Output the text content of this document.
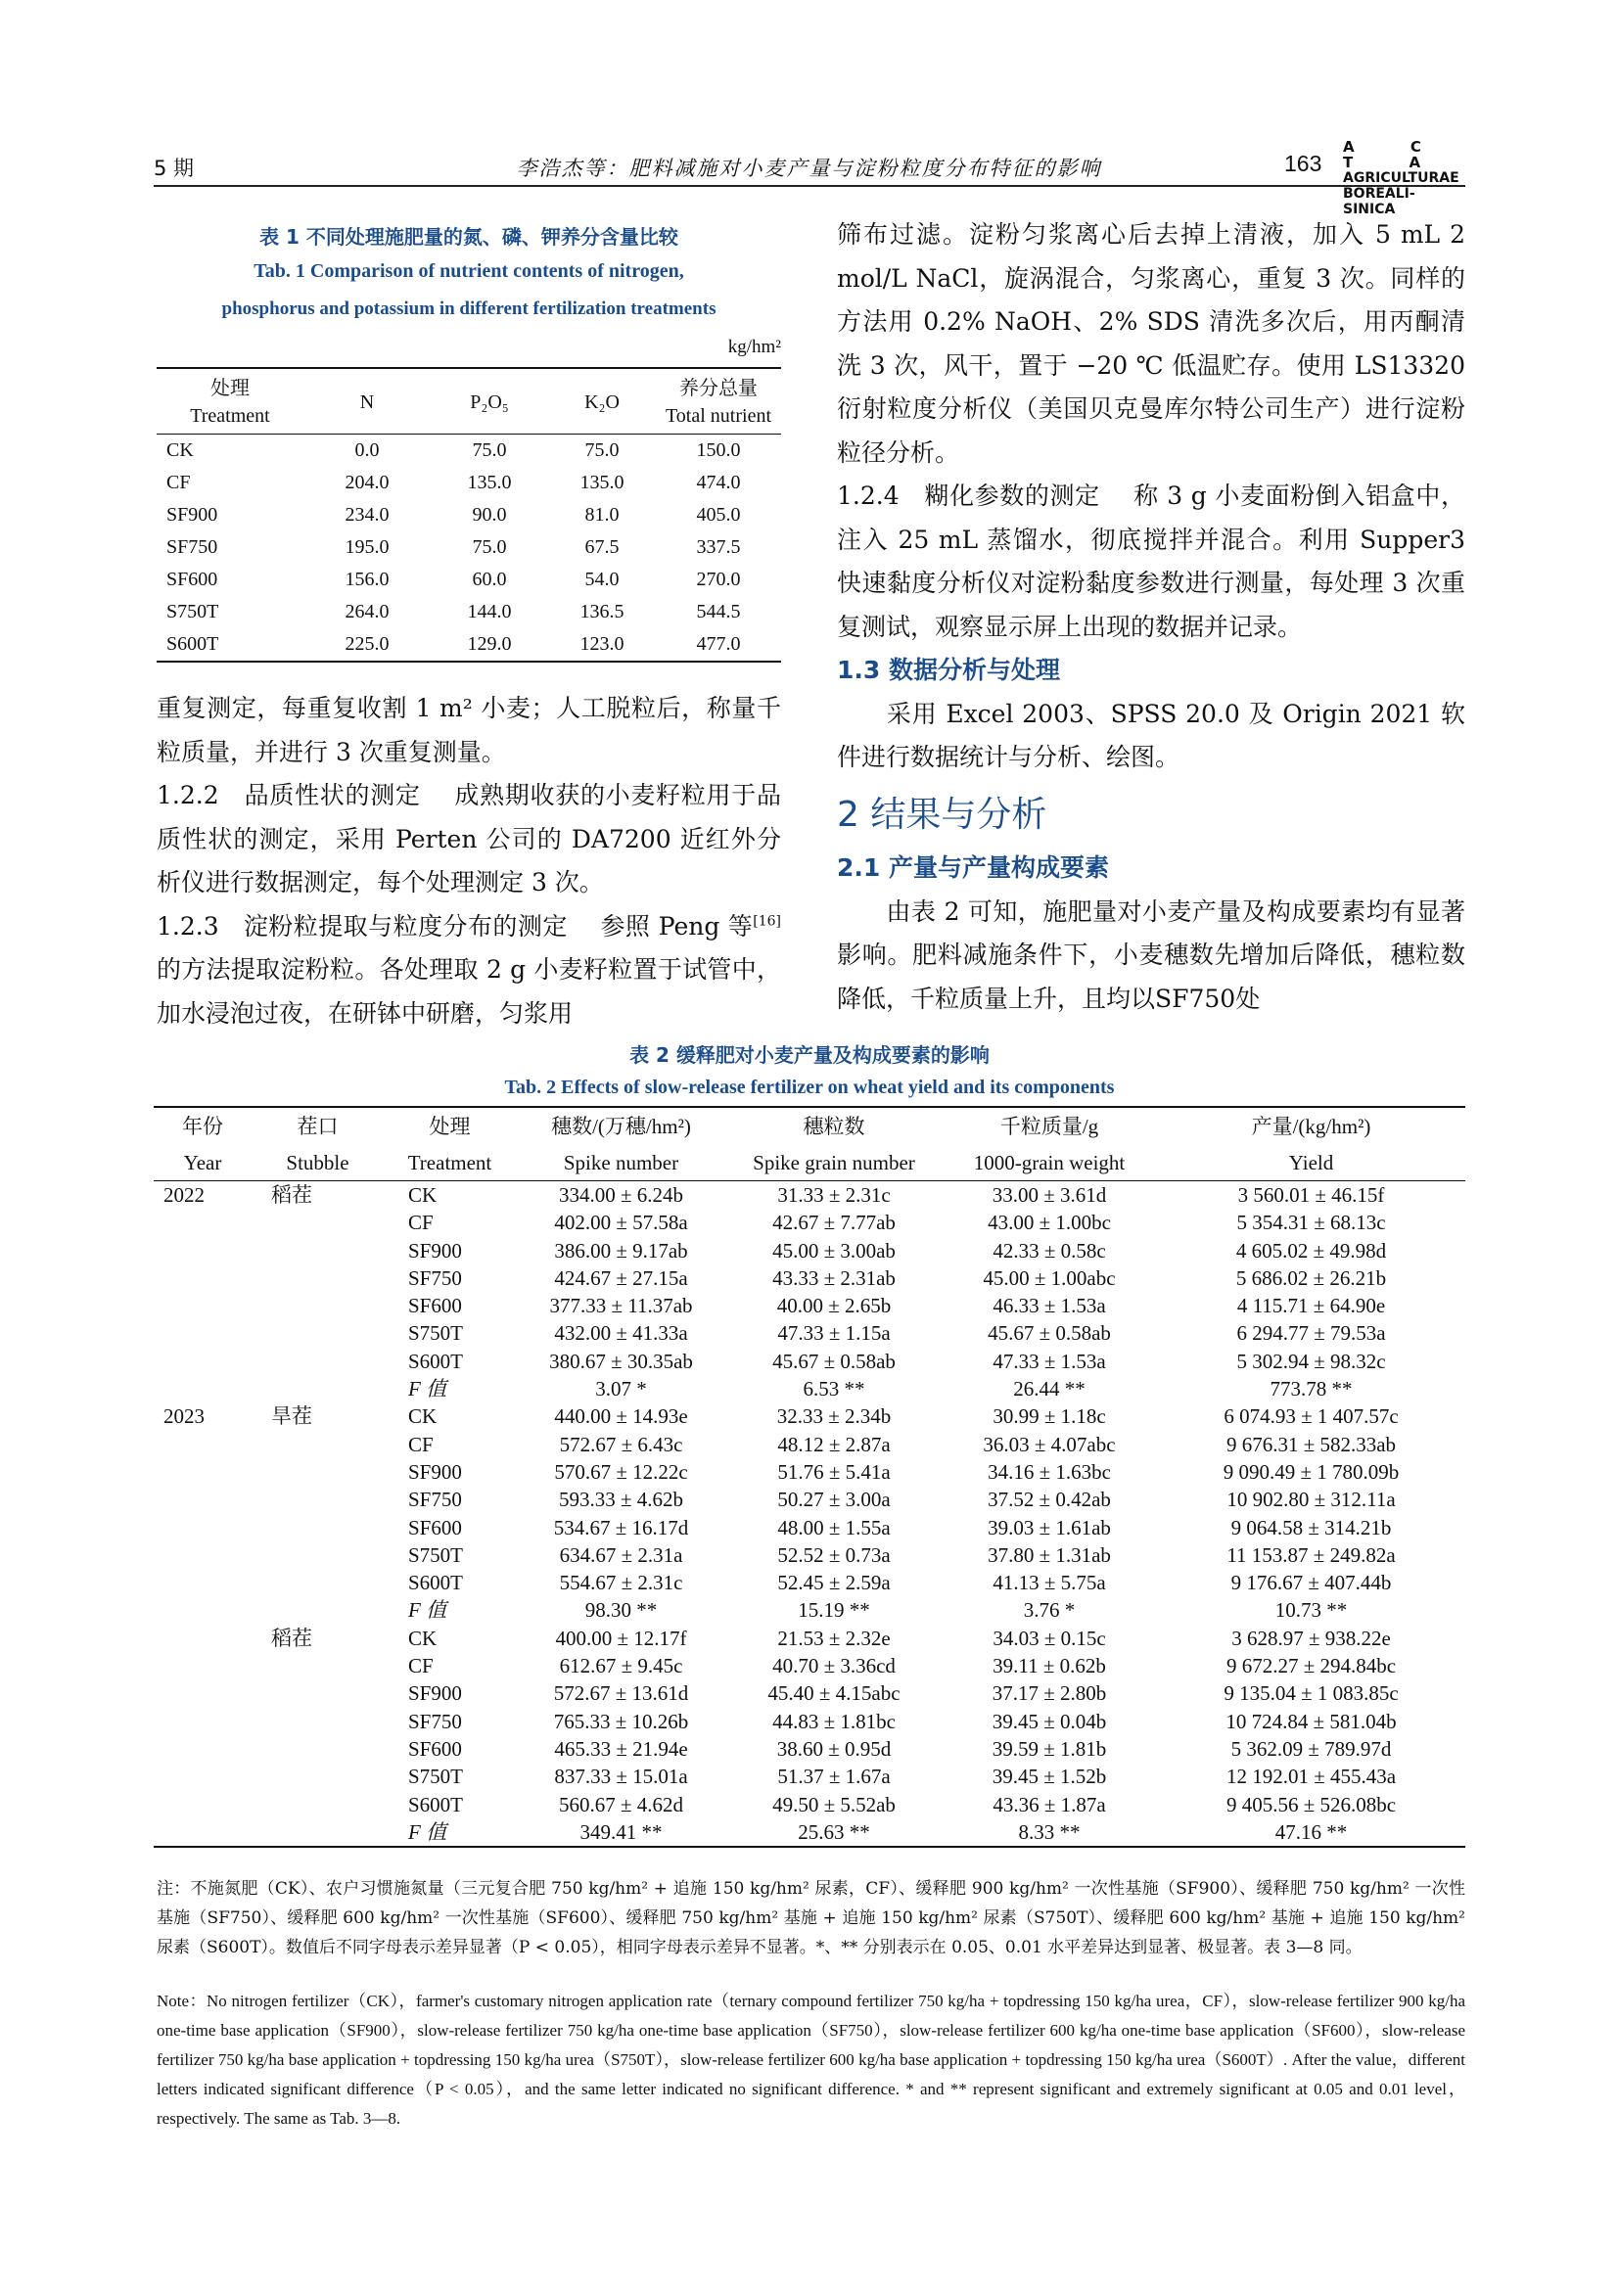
5 期	李浩杰等：肥料减施对小麦产量与淀粉粒度分布特征的影响	163
A C T A
AGRICULTURAE
BOREALI-SINICA
表 1 不同处理施肥量的氮、磷、钾养分含量比较
Tab. 1 Comparison of nutrient contents of nitrogen,
phosphorus and potassium in different fertilization treatments
kg/hm²
处理
Treatment	N	P₂O₅	K₂O	养分总量
Total nutrient
CK	0.0	75.0	75.0	150.0
CF	204.0	135.0	135.0	474.0
SF900	234.0	90.0	81.0	405.0
SF750	195.0	75.0	67.5	337.5
SF600	156.0	60.0	54.0	270.0
S750T	264.0	144.0	136.5	544.5
S600T	225.0	129.0	123.0	477.0
重复测定，每重复收割 1 m² 小麦；人工脱粒后，称量千粒质量，并进行 3 次重复测量。
1.2.2 品质性状的测定 成熟期收获的小麦籽粒用于品质性状的测定，采用 Perten 公司的 DA7200 近红外分析仪进行数据测定，每个处理测定 3 次。
1.2.3 淀粉粒提取与粒度分布的测定 参照 Peng 等[16]的方法提取淀粉粒。各处理取 2 g 小麦籽粒置于试管中，加水浸泡过夜，在研钵中研磨，匀浆用
筛布过滤。淀粉匀浆离心后去掉上清液，加入 5 mL 2 mol/L NaCl，旋涡混合，匀浆离心，重复 3 次。同样的方法用 0.2% NaOH、2% SDS 清洗多次后，用丙酮清洗 3 次，风干，置于 −20 ℃ 低温贮存。使用 LS13320 衍射粒度分析仪（美国贝克曼库尔特公司生产）进行淀粉粒径分析。
1.2.4 糊化参数的测定 称 3 g 小麦面粉倒入铝盒中，注入 25 mL 蒸馏水，彻底搅拌并混合。利用 Supper3 快速黏度分析仪对淀粉黏度参数进行测量，每处理 3 次重复测试，观察显示屏上出现的数据并记录。
1.3 数据分析与处理
采用 Excel 2003、SPSS 20.0 及 Origin 2021 软件进行数据统计与分析、绘图。
2 结果与分析
2.1 产量与产量构成要素
由表 2 可知，施肥量对小麦产量及构成要素均有显著影响。肥料减施条件下，小麦穗数先增加后降低，穗粒数降低，千粒质量上升，且均以SF750处
表 2 缓释肥对小麦产量及构成要素的影响
Tab. 2 Effects of slow-release fertilizer on wheat yield and its components
年份	茬口	处理	穗数/(万穗/hm²)	穗粒数	千粒质量/g	产量/(kg/hm²)
Year	Stubble	Treatment	Spike number	Spike grain number	1000-grain weight	Yield
2022	稻茬	CK	334.00 ± 6.24b	31.33 ± 2.31c	33.00 ± 3.61d	3 560.01 ± 46.15f
		CF	402.00 ± 57.58a	42.67 ± 7.77ab	43.00 ± 1.00bc	5 354.31 ± 68.13c
		SF900	386.00 ± 9.17ab	45.00 ± 3.00ab	42.33 ± 0.58c	4 605.02 ± 49.98d
		SF750	424.67 ± 27.15a	43.33 ± 2.31ab	45.00 ± 1.00abc	5 686.02 ± 26.21b
		SF600	377.33 ± 11.37ab	40.00 ± 2.65b	46.33 ± 1.53a	4 115.71 ± 64.90e
		S750T	432.00 ± 41.33a	47.33 ± 1.15a	45.67 ± 0.58ab	6 294.77 ± 79.53a
		S600T	380.67 ± 30.35ab	45.67 ± 0.58ab	47.33 ± 1.53a	5 302.94 ± 98.32c
		F 值	3.07 *	6.53 **	26.44 **	773.78 **
2023	旱茬	CK	440.00 ± 14.93e	32.33 ± 2.34b	30.99 ± 1.18c	6 074.93 ± 1 407.57c
		CF	572.67 ± 6.43c	48.12 ± 2.87a	36.03 ± 4.07abc	9 676.31 ± 582.33ab
		SF900	570.67 ± 12.22c	51.76 ± 5.41a	34.16 ± 1.63bc	9 090.49 ± 1 780.09b
		SF750	593.33 ± 4.62b	50.27 ± 3.00a	37.52 ± 0.42ab	10 902.80 ± 312.11a
		SF600	534.67 ± 16.17d	48.00 ± 1.55a	39.03 ± 1.61ab	9 064.58 ± 314.21b
		S750T	634.67 ± 2.31a	52.52 ± 0.73a	37.80 ± 1.31ab	11 153.87 ± 249.82a
		S600T	554.67 ± 2.31c	52.45 ± 2.59a	41.13 ± 5.75a	9 176.67 ± 407.44b
		F 值	98.30 **	15.19 **	3.76 *	10.73 **
	稻茬	CK	400.00 ± 12.17f	21.53 ± 2.32e	34.03 ± 0.15c	3 628.97 ± 938.22e
		CF	612.67 ± 9.45c	40.70 ± 3.36cd	39.11 ± 0.62b	9 672.27 ± 294.84bc
		SF900	572.67 ± 13.61d	45.40 ± 4.15abc	37.17 ± 2.80b	9 135.04 ± 1 083.85c
		SF750	765.33 ± 10.26b	44.83 ± 1.81bc	39.45 ± 0.04b	10 724.84 ± 581.04b
		SF600	465.33 ± 21.94e	38.60 ± 0.95d	39.59 ± 1.81b	5 362.09 ± 789.97d
		S750T	837.33 ± 15.01a	51.37 ± 1.67a	39.45 ± 1.52b	12 192.01 ± 455.43a
		S600T	560.67 ± 4.62d	49.50 ± 5.52ab	43.36 ± 1.87a	9 405.56 ± 526.08bc
		F 值	349.41 **	25.63 **	8.33 **	47.16 **
注：不施氮肥（CK）、农户习惯施氮量（三元复合肥 750 kg/hm² + 追施 150 kg/hm² 尿素，CF）、缓释肥 900 kg/hm² 一次性基施（SF900）、缓释肥 750 kg/hm² 一次性基施（SF750）、缓释肥 600 kg/hm² 一次性基施（SF600）、缓释肥 750 kg/hm² 基施 + 追施 150 kg/hm² 尿素（S750T）、缓释肥 600 kg/hm² 基施 + 追施 150 kg/hm² 尿素（S600T）。数值后不同字母表示差异显著（P < 0.05），相同字母表示差异不显著。*、** 分别表示在 0.05、0.01 水平差异达到显著、极显著。表 3—8 同。
Note：No nitrogen fertilizer（CK），farmer's customary nitrogen application rate（ternary compound fertilizer 750 kg/ha + topdressing 150 kg/ha urea，CF），slow-release fertilizer 900 kg/ha one-time base application（SF900），slow-release fertilizer 750 kg/ha one-time base application（SF750），slow-release fertilizer 600 kg/ha one-time base application（SF600），slow-release fertilizer 750 kg/ha base application + topdressing 150 kg/ha urea（S750T），slow-release fertilizer 600 kg/ha base application + topdressing 150 kg/ha urea（S600T）. After the value，different letters indicated significant difference（P < 0.05），and the same letter indicated no significant difference. * and ** represent significant and extremely significant at 0.05 and 0.01 level，respectively. The same as Tab. 3—8.
